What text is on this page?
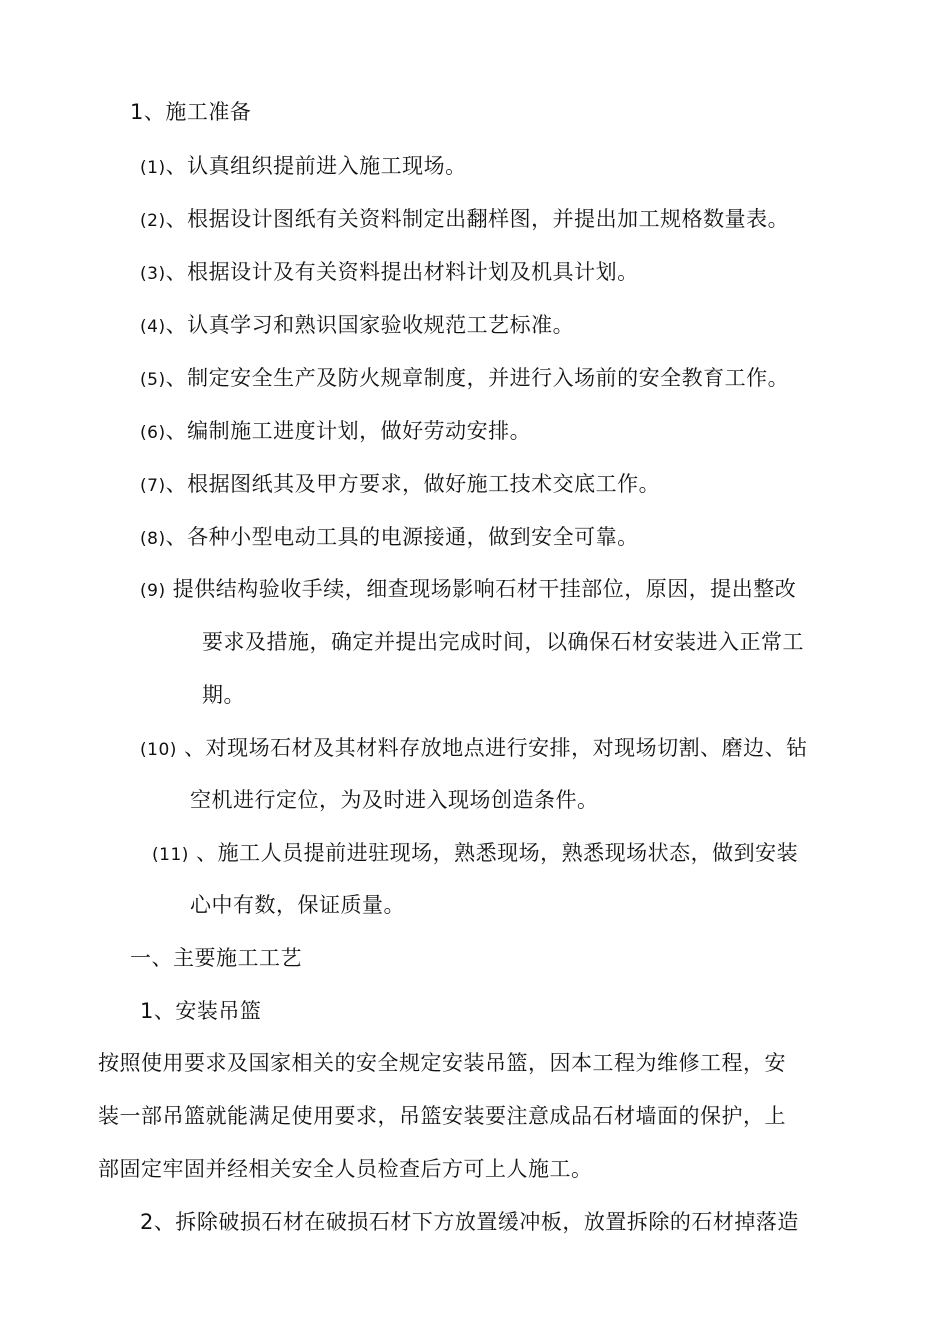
1、施工准备
(1)、认真组织提前进入施工现场。
(2)、根据设计图纸有关资料制定出翻样图，并提出加工规格数量表。
(3)、根据设计及有关资料提出材料计划及机具计划。
(4)、认真学习和熟识国家验收规范工艺标准。
(5)、制定安全生产及防火规章制度，并进行入场前的安全教育工作。
(6)、编制施工进度计划，做好劳动安排。
(7)、根据图纸其及甲方要求，做好施工技术交底工作。
(8)、各种小型电动工具的电源接通，做到安全可靠。
(9) 提供结构验收手续，细查现场影响石材干挂部位，原因，提出整改
要求及措施，确定并提出完成时间，以确保石材安装进入正常工
期。
(10) 、对现场石材及其材料存放地点进行安排，对现场切割、磨边、钻
空机进行定位，为及时进入现场创造条件。
(11) 、施工人员提前进驻现场，熟悉现场，熟悉现场状态，做到安装
心中有数，保证质量。
一、主要施工工艺
1、安装吊篮
按照使用要求及国家相关的安全规定安装吊篮，因本工程为维修工程，安
装一部吊篮就能满足使用要求，吊篮安装要注意成品石材墙面的保护，上
部固定牢固并经相关安全人员检查后方可上人施工。
2、拆除破损石材在破损石材下方放置缓冲板，放置拆除的石材掉落造
